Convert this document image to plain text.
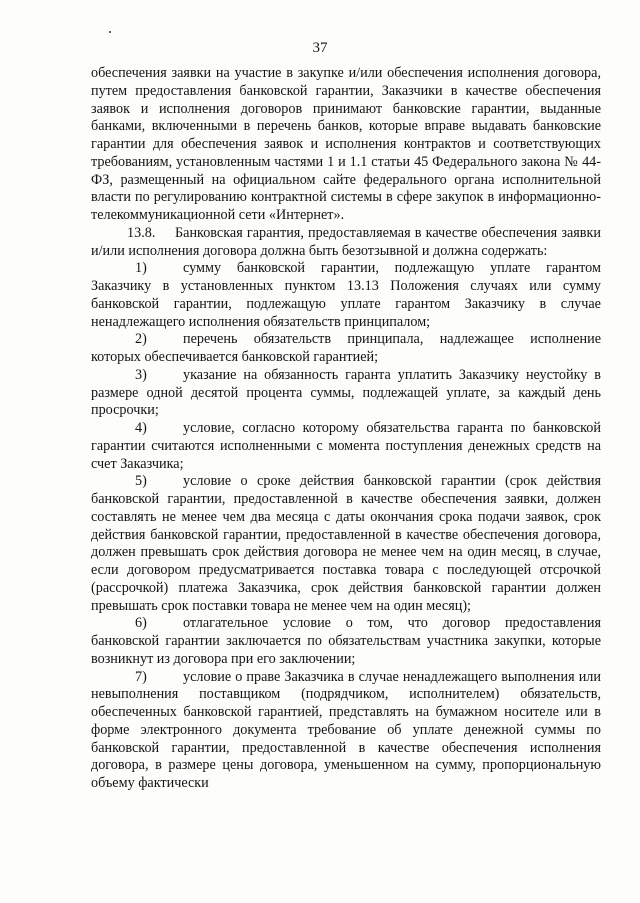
37

обеспечения заявки на участие в закупке и/или обеспечения исполнения договора, путем предоставления банковской гарантии, Заказчики в качестве обеспечения заявок и исполнения договоров принимают банковские гарантии, выданные банками, включенными в перечень банков, которые вправе выдавать банковские гарантии для обеспечения заявок и исполнения контрактов и соответствующих требованиям, установленным частями 1 и 1.1 статьи 45 Федерального закона № 44-ФЗ, размещенный на официальном сайте федерального органа исполнительной власти по регулированию контрактной системы в сфере закупок в информационно-телекоммуникационной сети «Интернет».

13.8. Банковская гарантия, предоставляемая в качестве обеспечения заявки и/или исполнения договора должна быть безотзывной и должна содержать:

1)	сумму банковской гарантии, подлежащую уплате гарантом Заказчику в установленных пунктом 13.13 Положения случаях или сумму банковской гарантии, подлежащую уплате гарантом Заказчику в случае ненадлежащего исполнения обязательств принципалом;

2)	перечень обязательств принципала, надлежащее исполнение которых обеспечивается банковской гарантией;

3)	указание на обязанность гаранта уплатить Заказчику неустойку в размере одной десятой процента суммы, подлежащей уплате, за каждый день просрочки;

4)	условие, согласно которому обязательства гаранта по банковской гарантии считаются исполненными с момента поступления денежных средств на счет Заказчика;

5)	условие о сроке действия банковской гарантии (срок действия банковской гарантии, предоставленной в качестве обеспечения заявки, должен составлять не менее чем два месяца с даты окончания срока подачи заявок, срок действия банковской гарантии, предоставленной в качестве обеспечения договора, должен превышать срок действия договора не менее чем на один месяц, в случае, если договором предусматривается поставка товара с последующей отсрочкой (рассрочкой) платежа Заказчика, срок действия банковской гарантии должен превышать срок поставки товара не менее чем на один месяц);

6)	отлагательное условие о том, что договор предоставления банковской гарантии заключается по обязательствам участника закупки, которые возникнут из договора при его заключении;

7)	условие о праве Заказчика в случае ненадлежащего выполнения или невыполнения поставщиком (подрядчиком, исполнителем) обязательств, обеспеченных банковской гарантией, представлять на бумажном носителе или в форме электронного документа требование об уплате денежной суммы по банковской гарантии, предоставленной в качестве обеспечения исполнения договора, в размере цены договора, уменьшенном на сумму, пропорциональную объему фактически
